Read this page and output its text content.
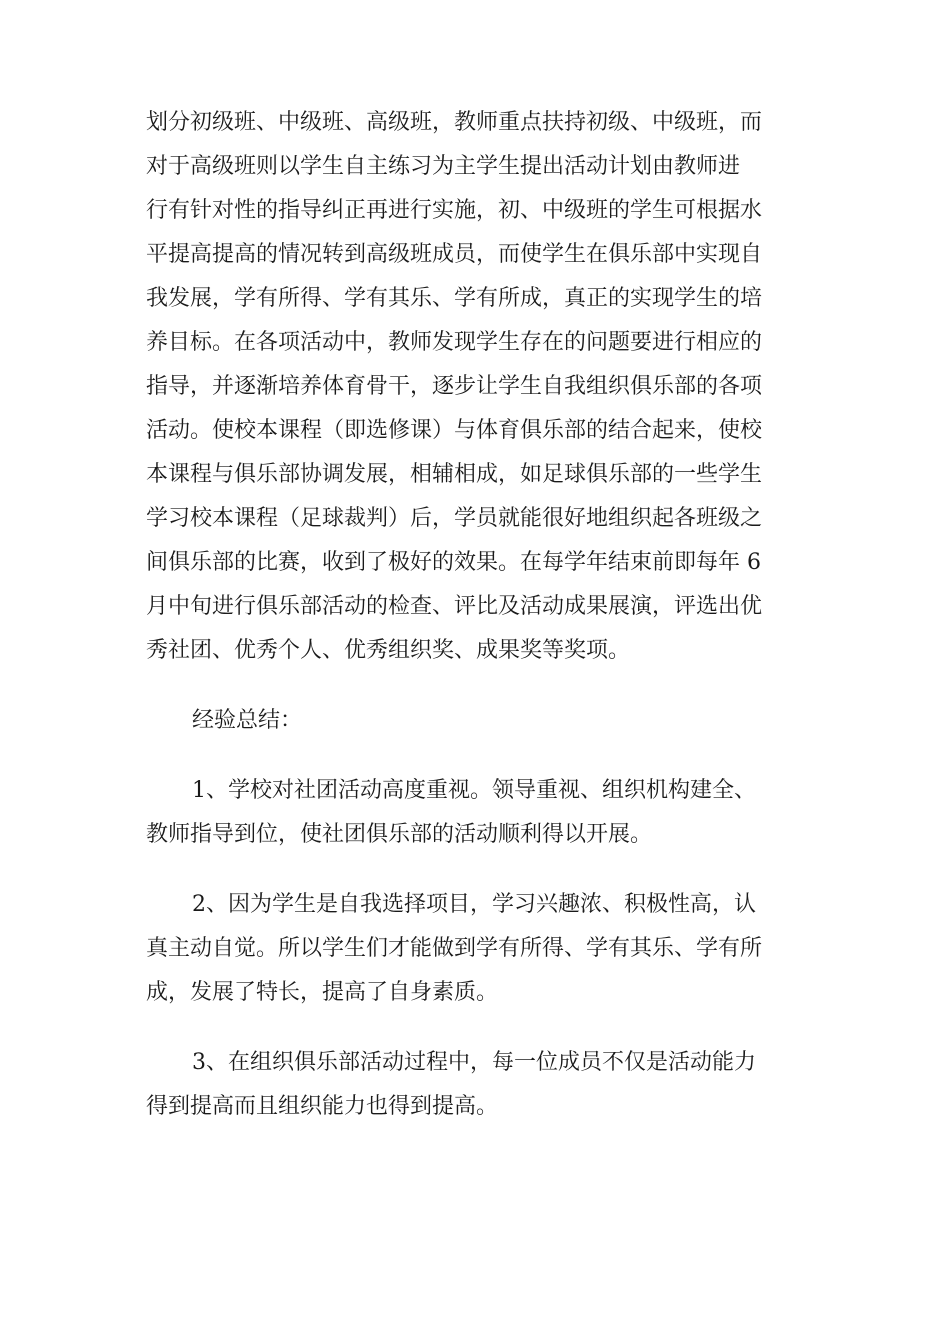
划分初级班、中级班、高级班，教师重点扶持初级、中级班，而
对于高级班则以学生自主练习为主学生提出活动计划由教师进
行有针对性的指导纠正再进行实施，初、中级班的学生可根据水
平提高提高的情况转到高级班成员，而使学生在俱乐部中实现自
我发展，学有所得、学有其乐、学有所成，真正的实现学生的培
养目标。在各项活动中，教师发现学生存在的问题要进行相应的
指导，并逐渐培养体育骨干，逐步让学生自我组织俱乐部的各项
活动。使校本课程（即选修课）与体育俱乐部的结合起来，使校
本课程与俱乐部协调发展，相辅相成，如足球俱乐部的一些学生
学习校本课程（足球裁判）后，学员就能很好地组织起各班级之
间俱乐部的比赛，收到了极好的效果。在每学年结束前即每年 6
月中旬进行俱乐部活动的检查、评比及活动成果展演，评选出优
秀社团、优秀个人、优秀组织奖、成果奖等奖项。
经验总结：
1、学校对社团活动高度重视。领导重视、组织机构建全、
教师指导到位，使社团俱乐部的活动顺利得以开展。
2、因为学生是自我选择项目，学习兴趣浓、积极性高，认
真主动自觉。所以学生们才能做到学有所得、学有其乐、学有所
成，发展了特长，提高了自身素质。
3、在组织俱乐部活动过程中，每一位成员不仅是活动能力
得到提高而且组织能力也得到提高。
